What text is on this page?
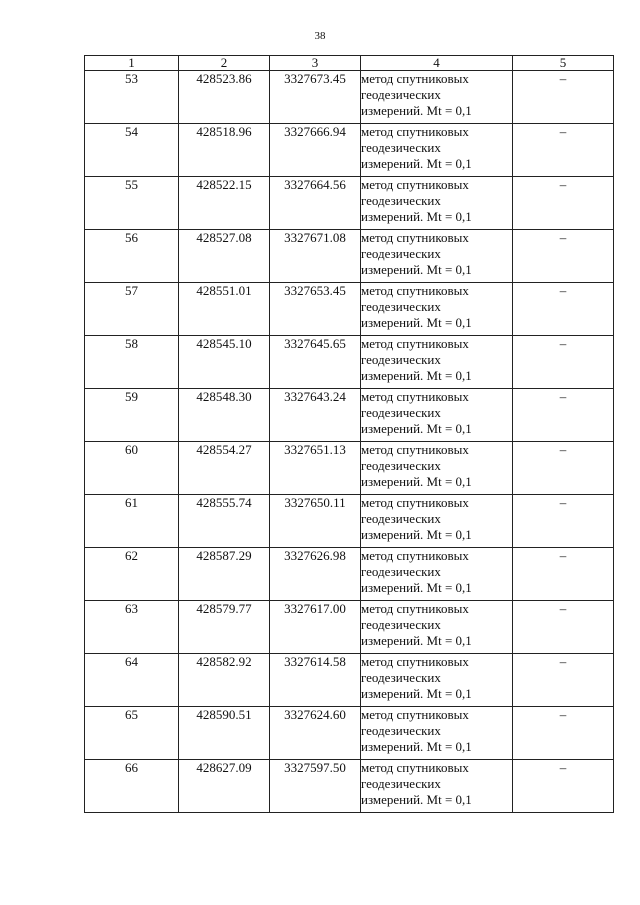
38
1	2	3	4	5
53	428523.86	3327673.45	метод спутниковых
геодезических
измерений. Mt = 0,1	–
54	428518.96	3327666.94	метод спутниковых
геодезических
измерений. Mt = 0,1	–
55	428522.15	3327664.56	метод спутниковых
геодезических
измерений. Mt = 0,1	–
56	428527.08	3327671.08	метод спутниковых
геодезических
измерений. Mt = 0,1	–
57	428551.01	3327653.45	метод спутниковых
геодезических
измерений. Mt = 0,1	–
58	428545.10	3327645.65	метод спутниковых
геодезических
измерений. Mt = 0,1	–
59	428548.30	3327643.24	метод спутниковых
геодезических
измерений. Mt = 0,1	–
60	428554.27	3327651.13	метод спутниковых
геодезических
измерений. Mt = 0,1	–
61	428555.74	3327650.11	метод спутниковых
геодезических
измерений. Mt = 0,1	–
62	428587.29	3327626.98	метод спутниковых
геодезических
измерений. Mt = 0,1	–
63	428579.77	3327617.00	метод спутниковых
геодезических
измерений. Mt = 0,1	–
64	428582.92	3327614.58	метод спутниковых
геодезических
измерений. Mt = 0,1	–
65	428590.51	3327624.60	метод спутниковых
геодезических
измерений. Mt = 0,1	–
66	428627.09	3327597.50	метод спутниковых
геодезических
измерений. Mt = 0,1	–
